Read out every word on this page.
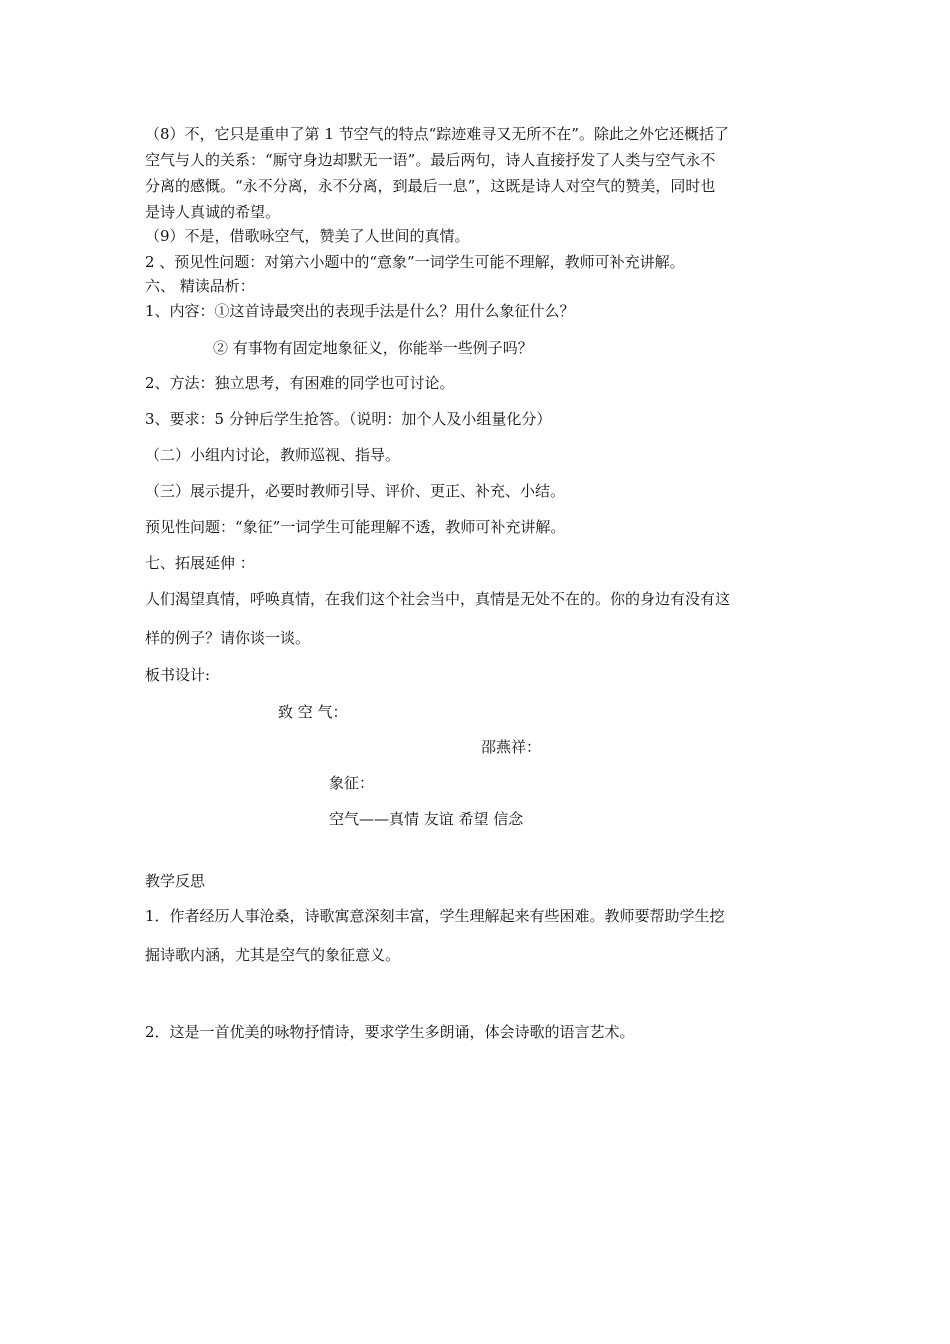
（8）不，它只是重申了第 1 节空气的特点“踪迹难寻又无所不在”。除此之外它还概括了
空气与人的关系：“厮守身边却默无一语”。最后两句，诗人直接抒发了人类与空气永不
分离的感慨。“永不分离，永不分离，到最后一息”，这既是诗人对空气的赞美，同时也
是诗人真诚的希望。
（9）不是，借歌咏空气，赞美了人世间的真情。
2 、预见性问题：对第六小题中的“意象”一词学生可能不理解，教师可补充讲解。
六、 精读品析：
1、内容：①这首诗最突出的表现手法是什么？用什么象征什么？
② 有事物有固定地象征义，你能举一些例子吗？
2、方法：独立思考，有困难的同学也可讨论。
3、要求：5 分钟后学生抢答。（说明：加个人及小组量化分）
（二）小组内讨论，教师巡视、指导。
（三）展示提升，必要时教师引导、评价、更正、补充、小结。
预见性问题：“象征”一词学生可能理解不透，教师可补充讲解。
七、拓展延伸 ：
人们渴望真情，呼唤真情，在我们这个社会当中，真情是无处不在的。你的身边有没有这
样的例子？请你谈一谈。
板书设计:
致 空 气：
邵燕祥：
象征：
空气——真情 友谊 希望 信念
教学反思
1．作者经历人事沧桑，诗歌寓意深刻丰富，学生理解起来有些困难。教师要帮助学生挖
掘诗歌内涵，尤其是空气的象征意义。
2．这是一首优美的咏物抒情诗，要求学生多朗诵，体会诗歌的语言艺术。
